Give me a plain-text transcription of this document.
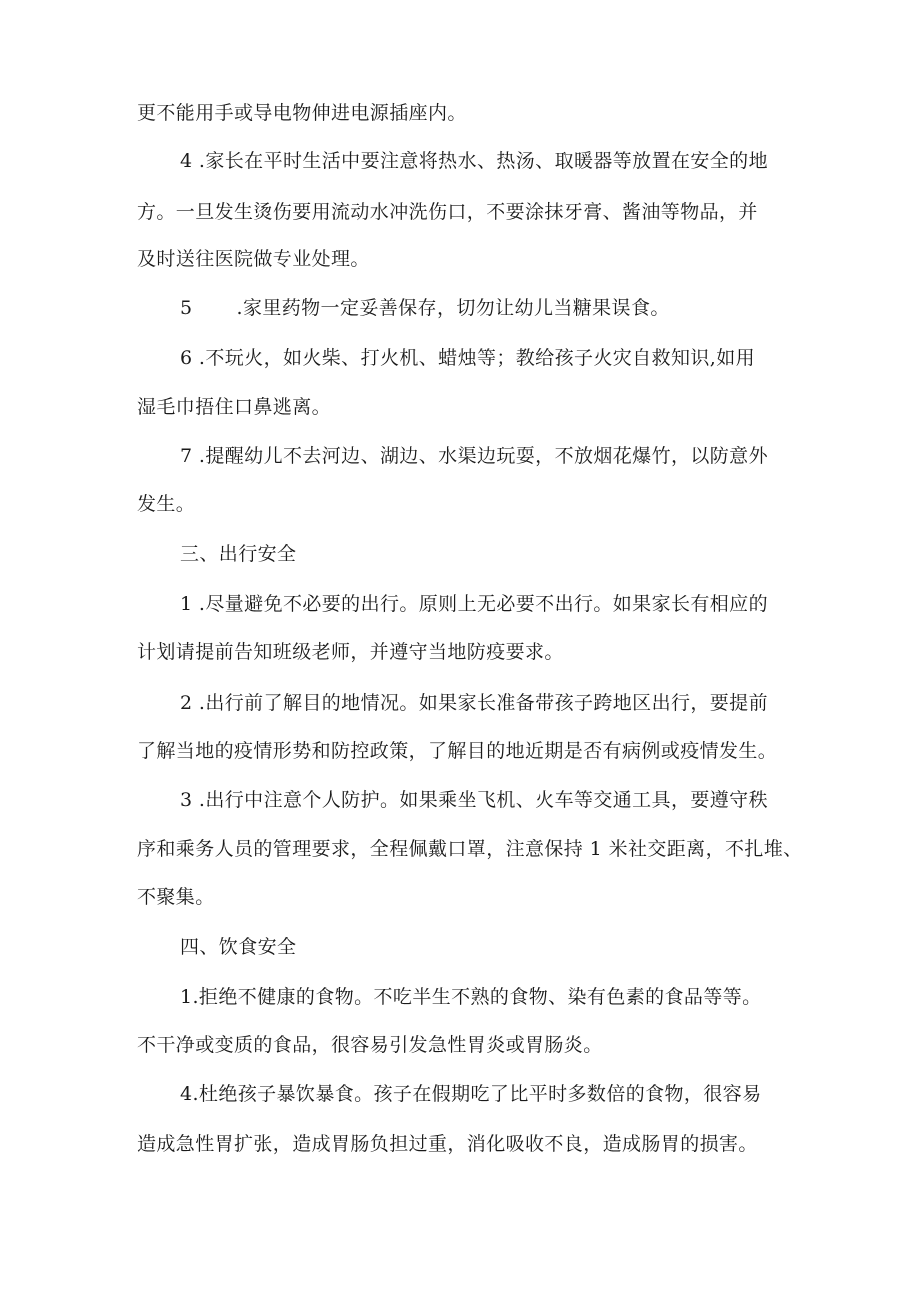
更不能用手或导电物伸进电源插座内。
4 .家长在平时生活中要注意将热水、热汤、取暖器等放置在安全的地
方。一旦发生烫伤要用流动水冲洗伤口，不要涂抹牙膏、酱油等物品，并
及时送往医院做专业处理。
5 .家里药物一定妥善保存，切勿让幼儿当糖果误食。
6 .不玩火，如火柴、打火机、蜡烛等；教给孩子火灾自救知识,如用
湿毛巾捂住口鼻逃离。
7 .提醒幼儿不去河边、湖边、水渠边玩耍，不放烟花爆竹，以防意外
发生。
三、出行安全
1 .尽量避免不必要的出行。原则上无必要不出行。如果家长有相应的
计划请提前告知班级老师，并遵守当地防疫要求。
2 .出行前了解目的地情况。如果家长准备带孩子跨地区出行，要提前
了解当地的疫情形势和防控政策，了解目的地近期是否有病例或疫情发生。
3 .出行中注意个人防护。如果乘坐飞机、火车等交通工具，要遵守秩
序和乘务人员的管理要求，全程佩戴口罩，注意保持 1 米社交距离，不扎堆、
不聚集。
四、饮食安全
1.拒绝不健康的食物。不吃半生不熟的食物、染有色素的食品等等。
不干净或变质的食品，很容易引发急性胃炎或胃肠炎。
4.杜绝孩子暴饮暴食。孩子在假期吃了比平时多数倍的食物，很容易
造成急性胃扩张，造成胃肠负担过重，消化吸收不良，造成肠胃的损害。
